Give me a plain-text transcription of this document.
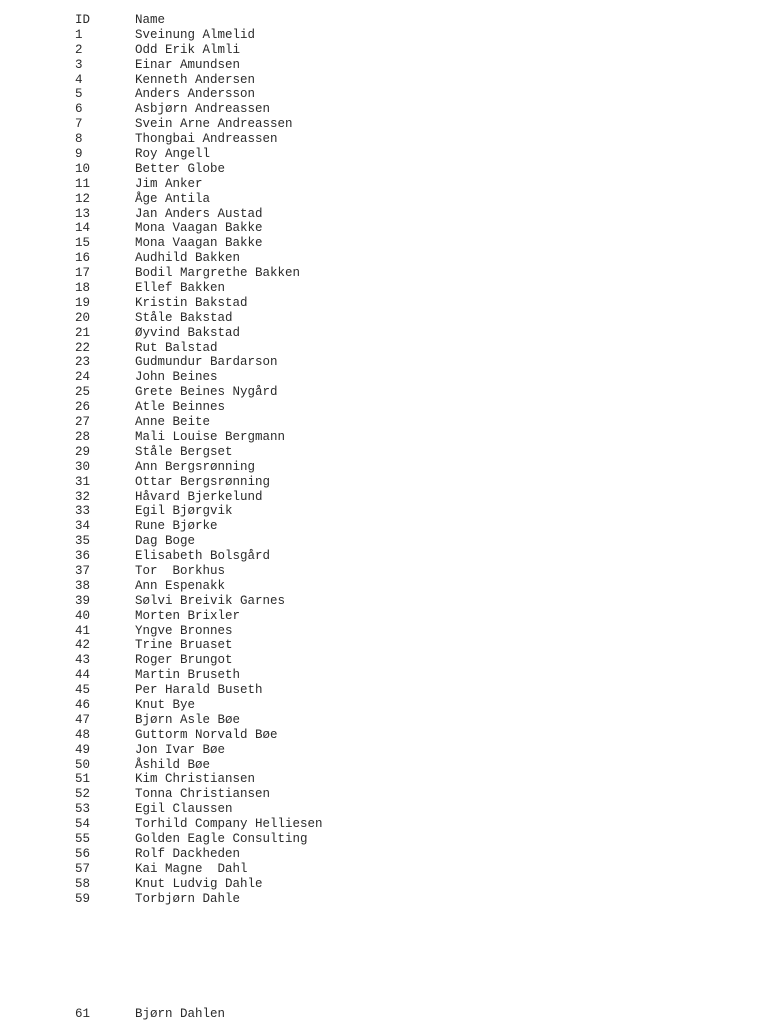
ID	Name
1	Sveinung Almelid
2	Odd Erik Almli
3	Einar Amundsen
4	Kenneth Andersen
5	Anders Andersson
6	Asbjørn Andreassen
7	Svein Arne Andreassen
8	Thongbai Andreassen
9	Roy Angell
10	Better Globe
11	Jim Anker
12	Åge Antila
13	Jan Anders Austad
14	Mona Vaagan Bakke
15	Mona Vaagan Bakke
16	Audhild Bakken
17	Bodil Margrethe Bakken
18	Ellef Bakken
19	Kristin Bakstad
20	Ståle Bakstad
21	Øyvind Bakstad
22	Rut Balstad
23	Gudmundur Bardarson
24	John Beines
25	Grete Beines Nygård
26	Atle Beinnes
27	Anne Beite
28	Mali Louise Bergmann
29	Ståle Bergset
30	Ann Bergsrønning
31	Ottar Bergsrønning
32	Håvard Bjerkelund
33	Egil Bjørgvik
34	Rune Bjørke
35	Dag Boge
36	Elisabeth Bolsgård
37	Tor  Borkhus
38	Ann Espenakk
39	Sølvi Breivik Garnes
40	Morten Brixler
41	Yngve Bronnes
42	Trine Bruaset
43	Roger Brungot
44	Martin Bruseth
45	Per Harald Buseth
46	Knut Bye
47	Bjørn Asle Bøe
48	Guttorm Norvald Bøe
49	Jon Ivar Bøe
50	Åshild Bøe
51	Kim Christiansen
52	Tonna Christiansen
53	Egil Claussen
54	Torhild Company Helliesen
55	Golden Eagle Consulting
56	Rolf Dackheden
57	Kai Magne  Dahl
58	Knut Ludvig Dahle
59	Torbjørn Dahle
61	Bjørn Dahlen
